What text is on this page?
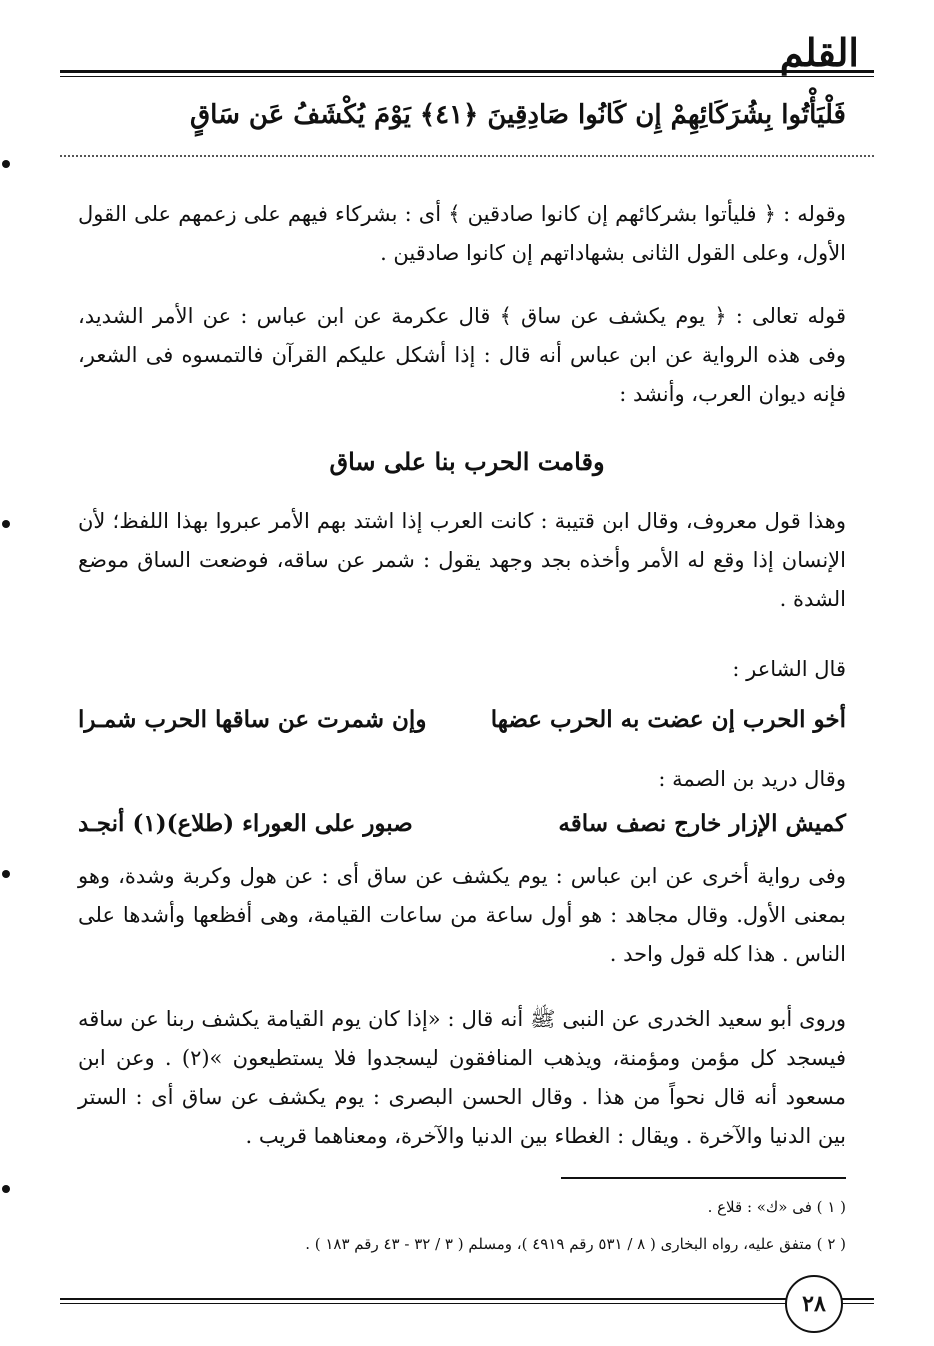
القلم
فَلْيَأْتُوا بِشُرَكَائِهِمْ إِن كَانُوا صَادِقِينَ ﴿٤١﴾ يَوْمَ يُكْشَفُ عَن سَاقٍ
وقوله : ﴿ فليأتوا بشركائهم إن كانوا صادقين ﴾ أى : بشركاء فيهم على زعمهم على القول الأول، وعلى القول الثانى بشهاداتهم إن كانوا صادقين .
قوله تعالى : ﴿ يوم يكشف عن ساق ﴾ قال عكرمة عن ابن عباس : عن الأمر الشديد، وفى هذه الرواية عن ابن عباس أنه قال : إذا أشكل عليكم القرآن فالتمسوه فى الشعر، فإنه ديوان العرب، وأنشد :
وقامت الحرب بنا على ساق
وهذا قول معروف، وقال ابن قتيبة : كانت العرب إذا اشتد بهم الأمر عبروا بهذا اللفظ؛ لأن الإنسان إذا وقع له الأمر وأخذه بجد وجهد يقول : شمر عن ساقه، فوضعت الساق موضع الشدة .
قال الشاعر :
أخو الحرب إن عضت به الحرب عضها
وإن شمرت عن ساقها الحرب شمـرا
وقال دريد بن الصمة :
كميش الإزار خارج نصف ساقه
صبور على العوراء (طلاع)(١) أنجـد
وفى رواية أخرى عن ابن عباس : يوم يكشف عن ساق أى : عن هول وكربة وشدة، وهو بمعنى الأول. وقال مجاهد : هو أول ساعة من ساعات القيامة، وهى أفظعها وأشدها على الناس . هذا كله قول واحد .
وروى أبو سعيد الخدرى عن النبى ﷺ أنه قال : «إذا كان يوم القيامة يكشف ربنا عن ساقه فيسجد كل مؤمن ومؤمنة، ويذهب المنافقون ليسجدوا فلا يستطيعون »(٢) . وعن ابن مسعود أنه قال نحواً من هذا . وقال الحسن البصرى : يوم يكشف عن ساق أى : الستر بين الدنيا والآخرة . ويقال : الغطاء بين الدنيا والآخرة، ومعناهما قريب .
( ١ ) فى «ك» : قلاع .
( ٢ ) متفق عليه، رواه البخارى ( ٨ / ٥٣١ رقم ٤٩١٩ )، ومسلم ( ٣ / ٣٢ - ٤٣ رقم ١٨٣ ) .
٢٨
